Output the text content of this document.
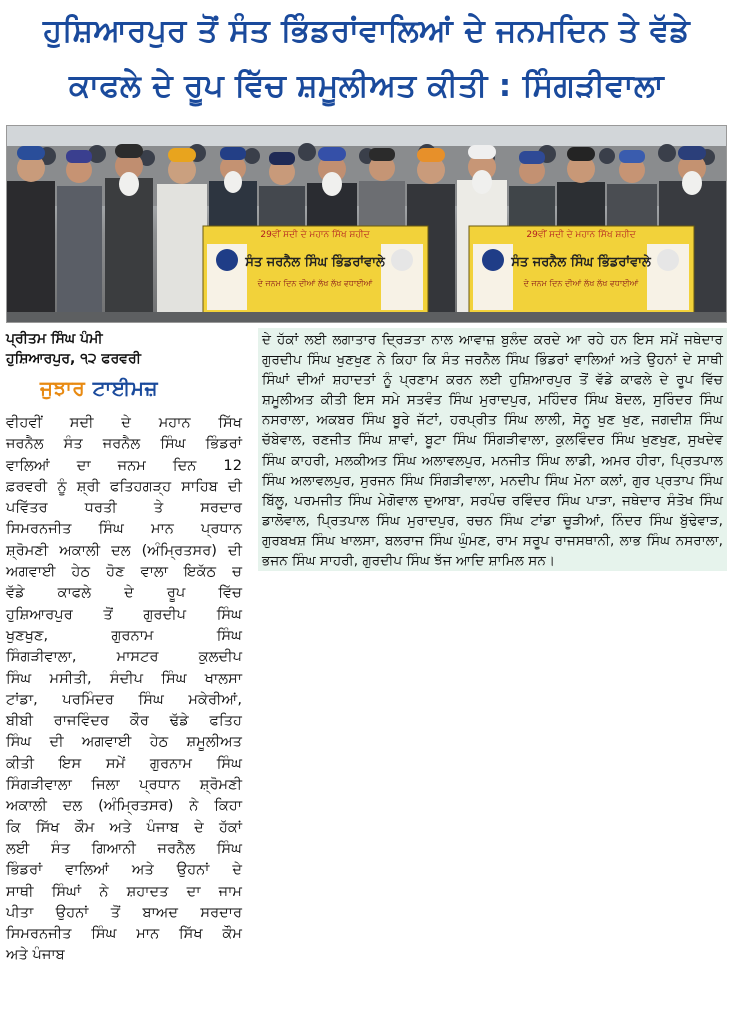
ਹੁਸ਼ਿਆਰਪੁਰ ਤੋਂ ਸੰਤ ਭਿੰਡਰਾਂਵਾਲਿਆਂ ਦੇ ਜਨਮਦਿਨ ਤੇ ਵੱਡੇ
ਕਾਫਲੇ ਦੇ ਰੂਪ ਵਿੱਚ ਸ਼ਮੂਲੀਅਤ ਕੀਤੀ : ਸਿੰਗੜੀਵਾਲਾ
29ਵੀਂ ਸਦੀ ਦੇ ਮਹਾਨ ਸਿੱਖ ਸ਼ਹੀਦ
ਸੰਤ ਜਰਨੈਲ ਸਿੰਘ ਭਿੰਡਰਾਂਵਾਲੇ
ਦੇ ਜਨਮ ਦਿਨ ਦੀਆਂ ਲੱਖ ਲੱਖ ਵਧਾਈਆਂ
29ਵੀਂ ਸਦੀ ਦੇ ਮਹਾਨ ਸਿੱਖ ਸ਼ਹੀਦ
ਸੰਤ ਜਰਨੈਲ ਸਿੰਘ ਭਿੰਡਰਾਂਵਾਲੇ
ਦੇ ਜਨਮ ਦਿਨ ਦੀਆਂ ਲੱਖ ਲੱਖ ਵਧਾਈਆਂ

ਪ੍ਰੀਤਮ ਸਿੰਘ ਪੰਮੀ

ਹੁਸ਼ਿਆਰਪੁਰ, ੧੨ ਫਰਵਰੀ

ਜੁਝਾਰ ਟਾਈਮਜ਼

ਵੀਹਵੀਂ ਸਦੀ ਦੇ ਮਹਾਨ ਸਿੱਖ
ਜਰਨੈਲ ਸੰਤ ਜਰਨੈਲ ਸਿੰਘ ਭਿੰਡਰਾਂ
ਵਾਲਿਆਂ ਦਾ ਜਨਮ ਦਿਨ 12
ਫ਼ਰਵਰੀ ਨੂੰ ਸ਼੍ਰੀ ਫਤਿਹਗੜ੍ਹ ਸਾਹਿਬ ਦੀ
ਪਵਿੱਤਰ ਧਰਤੀ ਤੇ ਸਰਦਾਰ
ਸਿਮਰਨਜੀਤ ਸਿੰਘ ਮਾਨ ਪ੍ਰਧਾਨ
ਸ਼੍ਰੋਮਣੀ ਅਕਾਲੀ ਦਲ (ਅੰਮ੍ਰਿਤਸਰ) ਦੀ
ਅਗਵਾਈ ਹੇਠ ਹੋਣ ਵਾਲਾ ਇਕੱਠ ਚ
ਵੱਡੇ ਕਾਫਲੇ ਦੇ ਰੂਪ ਵਿੱਚ
ਹੁਸ਼ਿਆਰਪੁਰ ਤੋਂ ਗੁਰਦੀਪ ਸਿੰਘ
ਖੁਣਖੁਣ, ਗੁਰਨਾਮ ਸਿੰਘ
ਸਿੰਗੜੀਵਾਲਾ, ਮਾਸਟਰ ਕੁਲਦੀਪ
ਸਿੰਘ ਮਸੀਤੀ, ਸੰਦੀਪ ਸਿੰਘ ਖਾਲਸਾ
ਟਾਂਡਾ, ਪਰਮਿੰਦਰ ਸਿੰਘ ਮਕੇਰੀਆਂ,
ਬੀਬੀ ਰਾਜਵਿੰਦਰ ਕੌਰ ਢੱਡੇ ਫਤਿਹ
ਸਿੰਘ ਦੀ ਅਗਵਾਈ ਹੇਠ ਸ਼ਮੂਲੀਅਤ
ਕੀਤੀ ਇਸ ਸਮੇਂ ਗੁਰਨਾਮ ਸਿੰਘ
ਸਿੰਗੜੀਵਾਲਾ ਜਿਲਾ ਪ੍ਰਧਾਨ ਸ਼੍ਰੋਮਣੀ
ਅਕਾਲੀ ਦਲ (ਅੰਮ੍ਰਿਤਸਰ) ਨੇ ਕਿਹਾ
ਕਿ ਸਿੱਖ ਕੌਮ ਅਤੇ ਪੰਜਾਬ ਦੇ ਹੱਕਾਂ
ਲਈ ਸੰਤ ਗਿਆਨੀ ਜਰਨੈਲ ਸਿੰਘ
ਭਿੰਡਰਾਂ ਵਾਲਿਆਂ ਅਤੇ ਉਹਨਾਂ ਦੇ
ਸਾਥੀ ਸਿੰਘਾਂ ਨੇ ਸ਼ਹਾਦਤ ਦਾ ਜਾਮ
ਪੀਤਾ ਉਹਨਾਂ ਤੋਂ ਬਾਅਦ ਸਰਦਾਰ
ਸਿਮਰਨਜੀਤ ਸਿੰਘ ਮਾਨ ਸਿੱਖ ਕੌਮ
ਅਤੇ ਪੰਜਾਬ

ਦੇ ਹੱਕਾਂ ਲਈ ਲਗਾਤਾਰ ਦ੍ਰਿੜਤਾ ਨਾਲ ਆਵਾਜ਼ ਬੁਲੰਦ ਕਰਦੇ ਆ ਰਹੇ ਹਨ ਇਸ ਸਮੇਂ ਜਥੇਦਾਰ ਗੁਰਦੀਪ ਸਿੰਘ ਖੁਣਖੁਣ ਨੇ ਕਿਹਾ ਕਿ ਸੰਤ ਜਰਨੈਲ ਸਿੰਘ ਭਿੰਡਰਾਂ ਵਾਲਿਆਂ ਅਤੇ ਉਹਨਾਂ ਦੇ ਸਾਥੀ ਸਿੰਘਾਂ ਦੀਆਂ ਸ਼ਹਾਦਤਾਂ ਨੂੰ ਪ੍ਰਣਾਮ ਕਰਨ ਲਈ ਹੁਸ਼ਿਆਰਪੁਰ ਤੋਂ ਵੱਡੇ ਕਾਫਲੇ ਦੇ ਰੂਪ ਵਿੱਚ ਸ਼ਮੂਲੀਅਤ ਕੀਤੀ ਇਸ ਸਮੇ ਸਤਵੰਤ ਸਿੰਘ ਮੁਰਾਦਪੁਰ, ਮਹਿੰਦਰ ਸਿੰਘ ਬੋਦਲ, ਸੁਰਿੰਦਰ ਸਿੰਘ ਨਸਰਾਲਾ, ਅਕਬਰ ਸਿੰਘ ਬੂਰੇ ਜੱਟਾਂ, ਹਰਪ੍ਰੀਤ ਸਿੰਘ ਲਾਲੀ, ਸੋਨੂ ਖੁਣ ਖੁਣ, ਜਗਦੀਸ਼ ਸਿੰਘ ਚੱਬੇਵਾਲ, ਰਣਜੀਤ ਸਿੰਘ ਸ਼ਾਵਾਂ, ਬੂਟਾ ਸਿੰਘ ਸਿੰਗੜੀਵਾਲਾ, ਕੁਲਵਿੰਦਰ ਸਿੰਘ ਖੁਣਖੁਣ, ਸੁਖਦੇਵ ਸਿੰਘ ਕਾਹਰੀ, ਮਲਕੀਅਤ ਸਿੰਘ ਅਲਾਵਲਪੁਰ, ਮਨਜੀਤ ਸਿੰਘ ਲਾਡੀ, ਅਮਰ ਹੀਰਾ, ਪ੍ਰਿਤਪਾਲ ਸਿੰਘ ਅਲਾਵਲਪੁਰ, ਸੁਰਜਨ ਸਿੰਘ ਸਿੰਗੜੀਵਾਲਾ, ਮਨਦੀਪ ਸਿੰਘ ਮੋਨਾ ਕਲਾਂ, ਗੁਰ ਪ੍ਰਤਾਪ ਸਿੰਘ ਬਿੱਲੂ, ਪਰਮਜੀਤ ਸਿੰਘ ਮੇਗੋਵਾਲ ਦੁਆਬਾ, ਸਰਪੰਚ ਰਵਿੰਦਰ ਸਿੰਘ ਪਾੜਾ, ਜਥੇਦਾਰ ਸੰਤੋਖ ਸਿੰਘ ਡਾਲੋਵਾਲ, ਪ੍ਰਿਤਪਾਲ ਸਿੰਘ ਮੁਰਾਦਪੁਰ, ਰਚਨ ਸਿੰਘ ਟਾਂਡਾ ਚੂੜੀਆਂ, ਨਿੰਦਰ ਸਿੰਘ ਬੁੱਢੇਵਾੜ, ਗੁਰਬਖਸ਼ ਸਿੰਘ ਖਾਲਸਾ, ਬਲਰਾਜ ਸਿੰਘ ਘੁੰਮਣ, ਰਾਮ ਸਰੂਪ ਰਾਜਸਥਾਨੀ, ਲਾਭ ਸਿੰਘ ਨਸਰਾਲਾ, ਭਜਨ ਸਿੰਘ ਸਾਹਰੀ, ਗੁਰਦੀਪ ਸਿੰਘ ਝੱਜ ਆਦਿ ਸ਼ਾਮਿਲ ਸਨ।
